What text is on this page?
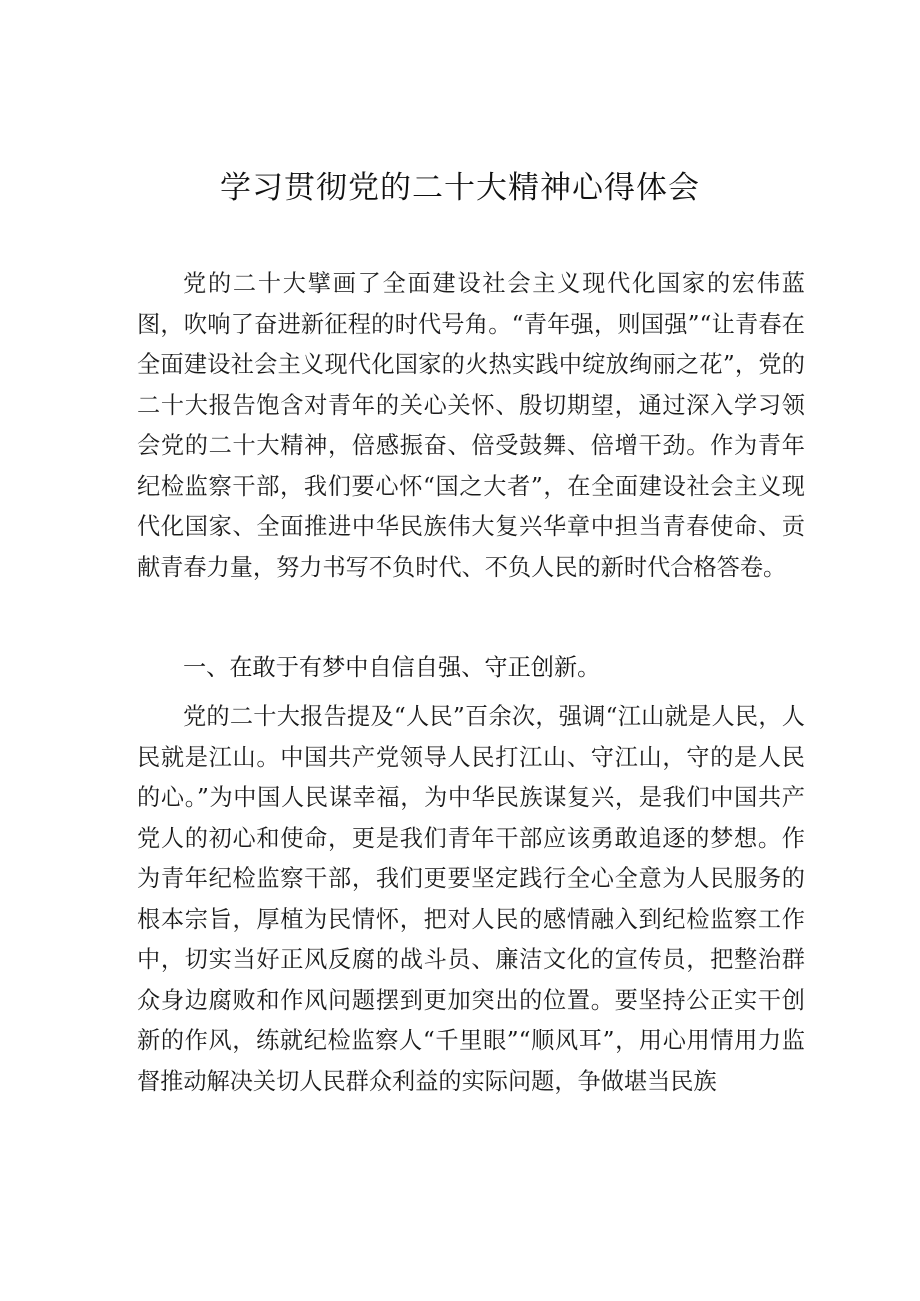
学习贯彻党的二十大精神心得体会

党的二十大擘画了全面建设社会主义现代化国家的宏伟蓝图，吹响了奋进新征程的时代号角。“青年强，则国强”“让青春在全面建设社会主义现代化国家的火热实践中绽放绚丽之花”，党的二十大报告饱含对青年的关心关怀、殷切期望，通过深入学习领会党的二十大精神，倍感振奋、倍受鼓舞、倍增干劲。作为青年纪检监察干部，我们要心怀“国之大者”，在全面建设社会主义现代化国家、全面推进中华民族伟大复兴华章中担当青春使命、贡献青春力量，努力书写不负时代、不负人民的新时代合格答卷。

一、在敢于有梦中自信自强、守正创新。

党的二十大报告提及“人民”百余次，强调“江山就是人民，人民就是江山。中国共产党领导人民打江山、守江山，守的是人民的心。”为中国人民谋幸福，为中华民族谋复兴，是我们中国共产党人的初心和使命，更是我们青年干部应该勇敢追逐的梦想。作为青年纪检监察干部，我们更要坚定践行全心全意为人民服务的根本宗旨，厚植为民情怀，把对人民的感情融入到纪检监察工作中，切实当好正风反腐的战斗员、廉洁文化的宣传员，把整治群众身边腐败和作风问题摆到更加突出的位置。要坚持公正实干创新的作风，练就纪检监察人“千里眼”“顺风耳”，用心用情用力监督推动解决关切人民群众利益的实际问题，争做堪当民族
